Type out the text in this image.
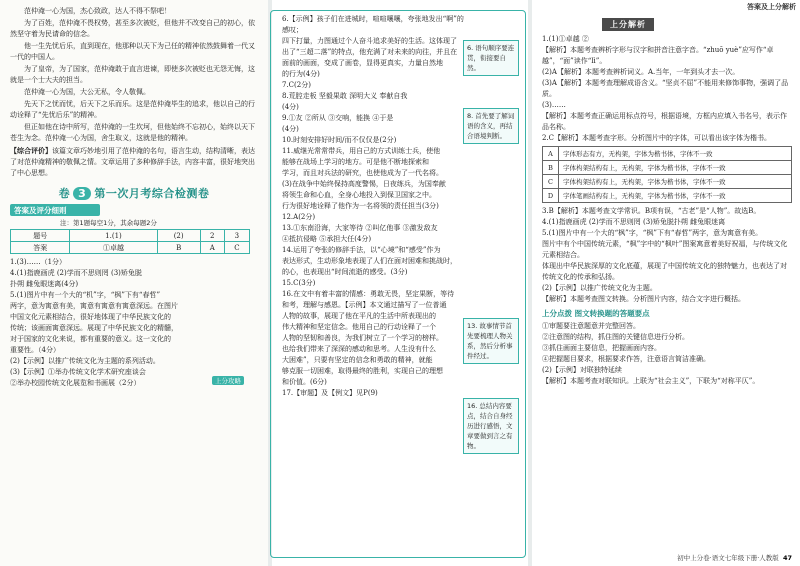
范仲淹一心为国，杰心致政，达人不得不祭吧！
为了百姓，范仲淹不畏权势，甚至多次被贬，但他并不改变自己的初心，依然坚守着为民请命的信念。
他一生先忧后乐，直到现在，他那种以天下为己任的精神依然鼓舞着一代又一代的中国人。
为了皇帝，为了国家，范仲淹敢于直言进谏，即使多次被贬也无怨无悔，这就是一个士大夫的担当。
范仲淹一心为国，大公无私，令人敬佩。
先天下之忧而忧，后天下之乐而乐。这是范仲淹毕生的追求，他以自己的行动诠释了“先忧后乐”的精神。
但正如他在诗中所写，范仲淹的一生坎坷，但他始终不忘初心，始终以天下苍生为念。范仲淹一心为国，舍生取义，这就是他的精神。
【综合评价】该篇文章巧妙地引用了范仲淹的名句，语言生动，结构清晰，表达了对范仲淹精神的敬佩之情。文章运用了多种修辞手法，内容丰富，很好地突出了中心思想。
卷 3 第一次月考综合检测卷
答案及评分细则
注：第1题每空1分，其余每题2分
题号	1.(1)	(2)	2	3
答案	①卓越	B	A	C
上分攻略
1.(3)……（1分）
4.(1)指鹿画虎 (2)学而不思则罔 (3)矫兔脱
扑朔 雌兔眼迷离(4分)
5.(1)图片中有一个大的“机”字，“枫”下有“春哲”
两字，意为寓意有美，寓意有寓意有寓意深远。在图片
中国文化元素相结合，很好地体现了中华民族文化的
传统；该画面寓意深远。展现了中华民族文化的精髓，
对于国家的文化来说，都有重要的意义。这一文化的
重要性。（4分）
(2)【示例】以推广传统文化为主题的系列活动。
(3)【示例】①举办传统文化学术研究座谈会
②举办校园传统文化展览和书画展（2分）
6.【示例】孩子们在进城时，喧喧嚷嚷，夸张地发出“啊”的感叹；
四下打量，力图通过个人奋斗追求美好的生活。这体现了
出了“三超二落”的特点，他充满了对未来的向往，并且在
面前的画面，变成了画卷，显得更真实，力量自然地
的行为(4分)
7.C(2分)
8.荒腔走板 坚毅果敢 深明大义 奉献自我
(4分)
9.①友 ②所从 ③交响，能换 ④于是
(4分)
10.时刻安排好时间/而不仅仅是(2分)
11.威继光常常带兵，用自己的方式训练士兵，使他
能够在战场上学习的地方。可是他不断地探索和
学习，而且对兵法的研究，也使他成为了一代名将。
(3)在战争中始终保持高度警惕，日夜练兵，为国奉献
将领生命和心血，全身心地投入到保卫国家之中。
行为很好地诠释了他作为一名将领的责任担当(3分)
12.A(2分)
13.①东南沿海，大家等待 ②叫亿他事 ③激发敌友
④抵抗侵略 ⑤承担大任(4分)
14.运用了夸张的修辞手法，以“心境”和“感受”作为
表达形式，生动形象地表现了人们在面对困难和挑战时，
的心，也表现出“时间流逝的感受。(3分)
15.C(3分)
16.在文中有着丰富的情感：勇敢无畏，坚定果断，等待
和考，理解与感恩。【示例】本文通过描写了一位普通
人物的故事，展现了他在平凡的生活中所表现出的
伟大精神和坚定信念。他用自己的行动诠释了一个
人物的坚韧和善良，为我们树立了一个学习的榜样。
也给我们带来了深深的感动和思考。人生没有什么
大困难”，只要有坚定的信念和勇敢的精神，就能
够克服一切困难，取得最终的胜利，实现自己的理想
和价值。(6分)
17.【审题】及【例文】见P(9)
6. 语句顺序要连贯，衔接要自然。
8. 首先要了解词语的含义，再结合语境判断。
13. 故事情节首先要梳理人物关系，然后分析事件经过。
16. 总结内容要点，结合自身经历进行感悟，文章要做到言之有物。
答案及上分解析
上分解析
1.(1)①卓越 ②
【解析】本题考查辨析字形与汉字和拼音注意字音。“zhuō yuè”应写作“卓越”，“面”读作“lì”。
(2)A【解析】本题考查辨析词义。A.当年，一年到头才去一次。
(3)A【解析】本题考查理解成语含义。“坚贞不屈”不能用来修饰事物，强调了品质。
(3)……
【解析】本题考查正确运用标点符号，根据语境，方框内应填入书名号，表示作品名称。
2.C【解析】本题考查字形。分析图片中的字体，可以看出该字体为楷书。
A	字体形态有方，无构架，字体为楷书体，字体不一致
B	字体构架结构有上，无构架，字体为楷书体，字体不一致
C	字体构架结构有上，无构架，字体为楷书体，字体不一致
D	字体笔画结构有上，无构架，字体为楷书体，字体不一致
3.B【解析】本题考查文学常识。B项有误，“古老”是“人物”。故选B。
4.(1)指鹿画虎 (2)学而不思则罔 (3)矫兔脱扑朔 雌兔眼迷离
5.(1)图片中有一个大的“枫”字，“枫”下有“春哲”两字，意为寓意有美。
图片中有个中国传统元素，“枫”字中的“枫叶”图案寓意着美好祝福，与传统文化元素相结合。
体现出中华民族深厚的文化底蕴，展现了中国传统文化的独特魅力，也表达了对传统文化的传承和弘扬。
(2)【示例】以推广传统文化为主题。
【解析】本题考查图文转换。分析图片内容，结合文字进行概括。
上分点拨 图文转换题的答题要点
①审题要注意题意并完整回答。
②注意图的结构，抓住图的关键信息进行分析。
③抓住画面主要信息，把握画面内容。
④把握题目要求，根据要求作答，注意语言简洁准确。
(2)【示例】对联独特延续
【解析】本题考查对联知识。上联为“社会主义”，下联为“对称平仄”。
初中上分卷·语文七年级下册·人教版 47
